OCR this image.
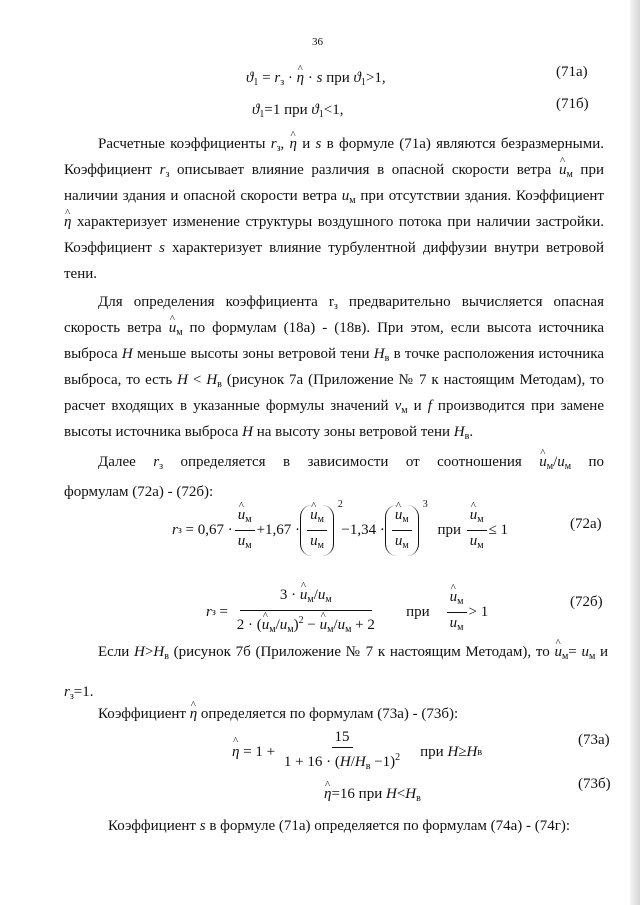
36
$ϑ_1 = r_з$ · ^ η · s при $ϑ_1>1$,	(71а)
$ϑ_1=1$ при $ϑ_1<1$,	(71б)
Расчетные коэффициенты $r_з$, ^ η и s в формуле (71а) являются безразмерными.
Коэффициент $r_з$ описывает влияние различия в опасной скорости ветра ^ $u_м$ при
наличии здания и опасной скорости ветра $u_м$ при отсутствии здания. Коэффициент
^ η характеризует изменение структуры воздушного потока при наличии застройки.
Коэффициент s характеризует влияние турбулентной диффузии внутри ветровой
тени.
Для определения коэффициента $r_з$ предварительно вычисляется опасная
скорость ветра ^ $u_м$ по формулам (18а) - (18в). При этом, если высота источника
выброса H меньше высоты зоны ветровой тени $H_в$ в точке расположения источника
выброса, то есть $H < H_в$ (рисунок 7а (Приложение № 7 к настоящим Методам), то
расчет входящих в указанные формулы значений $v_м$ и f производится при замене
высоты источника выброса H на высоту зоны ветровой тени $H_в$.
Далее $r_з$ определяется в зависимости от соотношения ^ $u_м/u_м$ по
формулам (72а) - (72б):
r з = 0,67 · ^ $\frac{u_м}{u_м} +1,67$ · ^ $\frac{u_м}{u_м}$
2

−1,34 · ^ $\frac{u_м}{u_м}$
3

при
^ $\frac{u_м}{u_м} \le 1$	(72а)
r $з = \frac{3 \cdot \^{} u_м/u_м}{2 \cdot (\^{} u_м/u_м)^2 - \^{} u_м/u_м + 2}$
при
^ $\frac{u_м}{u_м} > 1$
(72б)
Если $H>H_в$ (рисунок 7б (Приложение № 7 к настоящим Методам), то ^ $u_м= u_м$ и
$r_з=1$.
Коэффициент ^ η определяется по формулам (73а) - (73б):
^ η
= 1 +
$\frac{15}{1 + 16 \cdot (H/H_в -1)^2}$
при
H ≥ H в
(73а)
^ η=16 при $H<H_в$
(73б)
Коэффициент s в формуле (71а) определяется по формулам (74а) - (74г):
